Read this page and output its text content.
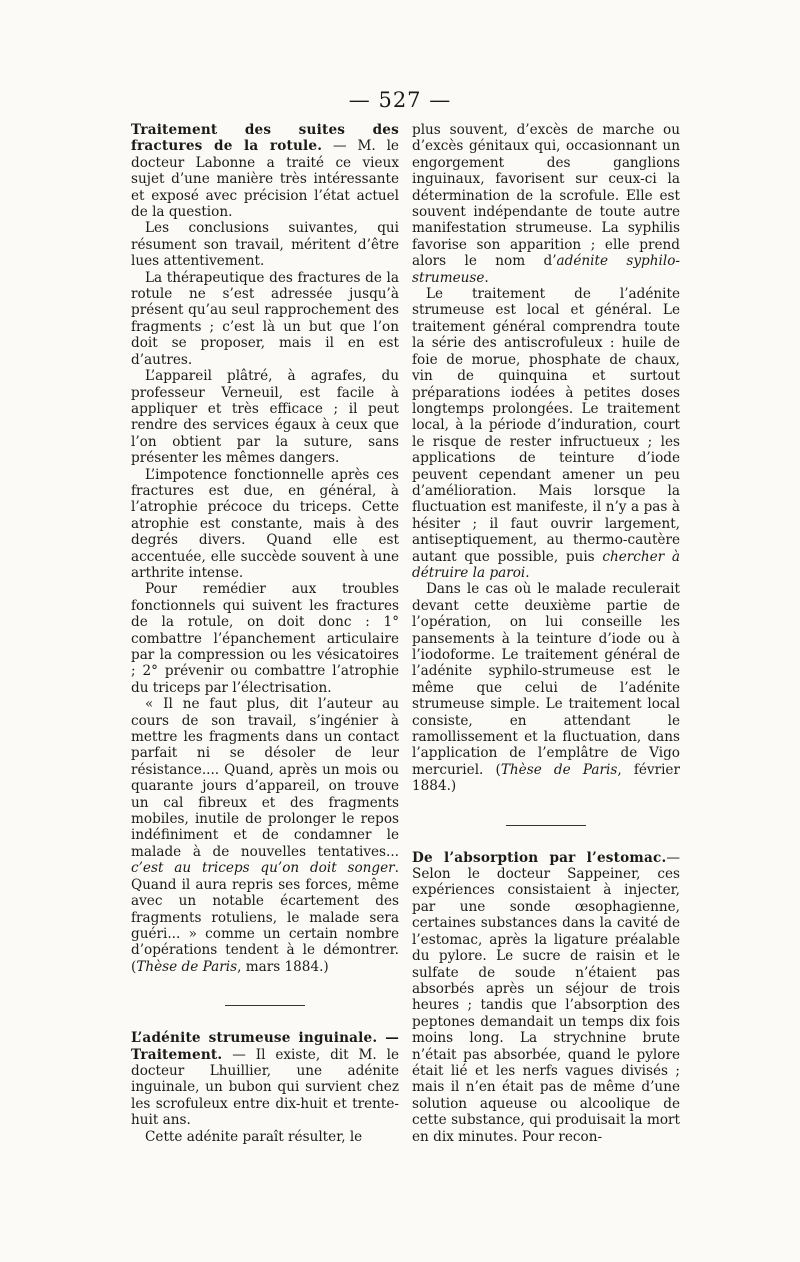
— 527 —

Traitement des suites des fractures de la rotule. — M. le docteur Labonne a traité ce vieux sujet d’une manière très intéressante et exposé avec précision l’état actuel de la question.

Les conclusions suivantes, qui résument son travail, méritent d’être lues attentivement.

La thérapeutique des fractures de la rotule ne s’est adressée jusqu’à présent qu’au seul rapprochement des fragments ; c’est là un but que l’on doit se proposer, mais il en est d’autres.

L’appareil plâtré, à agrafes, du professeur Verneuil, est facile à appliquer et très efficace ; il peut rendre des services égaux à ceux que l’on obtient par la suture, sans présenter les mêmes dangers.

L’impotence fonctionnelle après ces fractures est due, en général, à l’atrophie précoce du triceps. Cette atrophie est constante, mais à des degrés divers. Quand elle est accentuée, elle succède souvent à une arthrite intense.

Pour remédier aux troubles fonctionnels qui suivent les fractures de la rotule, on doit donc : 1° combattre l’épanchement articulaire par la compression ou les vésicatoires ; 2° prévenir ou combattre l’atrophie du triceps par l’électrisation.

« Il ne faut plus, dit l’auteur au cours de son travail, s’ingénier à mettre les fragments dans un contact parfait ni se désoler de leur résistance.... Quand, après un mois ou quarante jours d’appareil, on trouve un cal fibreux et des fragments mobiles, inutile de prolonger le repos indéfiniment et de condamner le malade à de nouvelles tentatives... c’est au triceps qu’on doit songer. Quand il aura repris ses forces, même avec un notable écartement des fragments rotuliens, le malade sera guéri... » comme un certain nombre d’opérations tendent à le démontrer. (Thèse de Paris, mars 1884.)

L’adénite strumeuse inguinale. — Traitement. — Il existe, dit M. le docteur Lhuillier, une adénite inguinale, un bubon qui survient chez les scrofuleux entre dix-huit et trente-huit ans.

Cette adénite paraît résulter, le

plus souvent, d’excès de marche ou d’excès génitaux qui, occasionnant un engorgement des ganglions inguinaux, favorisent sur ceux-ci la détermination de la scrofule. Elle est souvent indépendante de toute autre manifestation strumeuse. La syphilis favorise son apparition ; elle prend alors le nom d’adénite syphilo-strumeuse.

Le traitement de l’adénite strumeuse est local et général. Le traitement général comprendra toute la série des antiscrofuleux : huile de foie de morue, phosphate de chaux, vin de quinquina et surtout préparations iodées à petites doses longtemps prolongées. Le traitement local, à la période d’induration, court le risque de rester infructueux ; les applications de teinture d’iode peuvent cependant amener un peu d’amélioration. Mais lorsque la fluctuation est manifeste, il n’y a pas à hésiter ; il faut ouvrir largement, antiseptiquement, au thermo-cautère autant que possible, puis chercher à détruire la paroi.

Dans le cas où le malade reculerait devant cette deuxième partie de l’opération, on lui conseille les pansements à la teinture d’iode ou à l’iodoforme. Le traitement général de l’adénite syphilo-strumeuse est le même que celui de l’adénite strumeuse simple. Le traitement local consiste, en attendant le ramollissement et la fluctuation, dans l’application de l’emplâtre de Vigo mercuriel. (Thèse de Paris, février 1884.)

De l’absorption par l’estomac.—Selon le docteur Sappeiner, ces expériences consistaient à injecter, par une sonde œsophagienne, certaines substances dans la cavité de l’estomac, après la ligature préalable du pylore. Le sucre de raisin et le sulfate de soude n’étaient pas absorbés après un séjour de trois heures ; tandis que l’absorption des peptones demandait un temps dix fois moins long. La strychnine brute n’était pas absorbée, quand le pylore était lié et les nerfs vagues divisés ; mais il n’en était pas de même d’une solution aqueuse ou alcoolique de cette substance, qui produisait la mort en dix minutes. Pour recon-
